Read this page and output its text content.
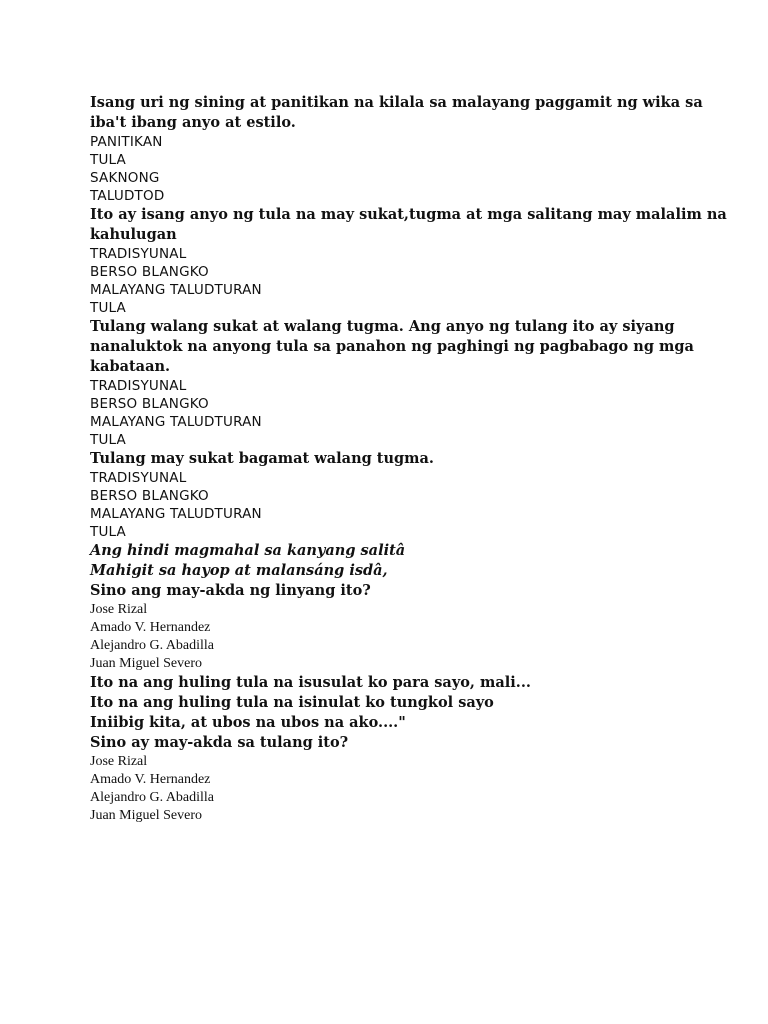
Isang uri ng sining at panitikan na kilala sa malayang paggamit ng wika sa iba't ibang anyo at estilo.

PANITIKAN

TULA

SAKNONG

TALUDTOD

Ito ay isang anyo ng tula na may sukat,tugma at mga salitang may malalim na kahulugan

TRADISYUNAL

BERSO BLANGKO

MALAYANG TALUDTURAN

TULA

Tulang walang sukat at walang tugma. Ang anyo ng tulang ito ay siyang nanaluktok na anyong tula sa panahon ng paghingi ng pagbabago ng mga kabataan.

TRADISYUNAL

BERSO BLANGKO

MALAYANG TALUDTURAN

TULA

Tulang may sukat bagamat walang tugma.

TRADISYUNAL

BERSO BLANGKO

MALAYANG TALUDTURAN

TULA

Ang hindi magmahal sa kanyang salitâ

Mahigit sa hayop at malansáng isdâ,

Sino ang may-akda ng linyang ito?

Jose Rizal

Amado V. Hernandez

Alejandro G. Abadilla

Juan Miguel Severo

Ito na ang huling tula na isusulat ko para sayo, mali...

Ito na ang huling tula na isinulat ko tungkol sayo

Iniibig kita, at ubos na ubos na ako...."

Sino ay may-akda sa tulang ito?

Jose Rizal

Amado V. Hernandez

Alejandro G. Abadilla

Juan Miguel Severo
